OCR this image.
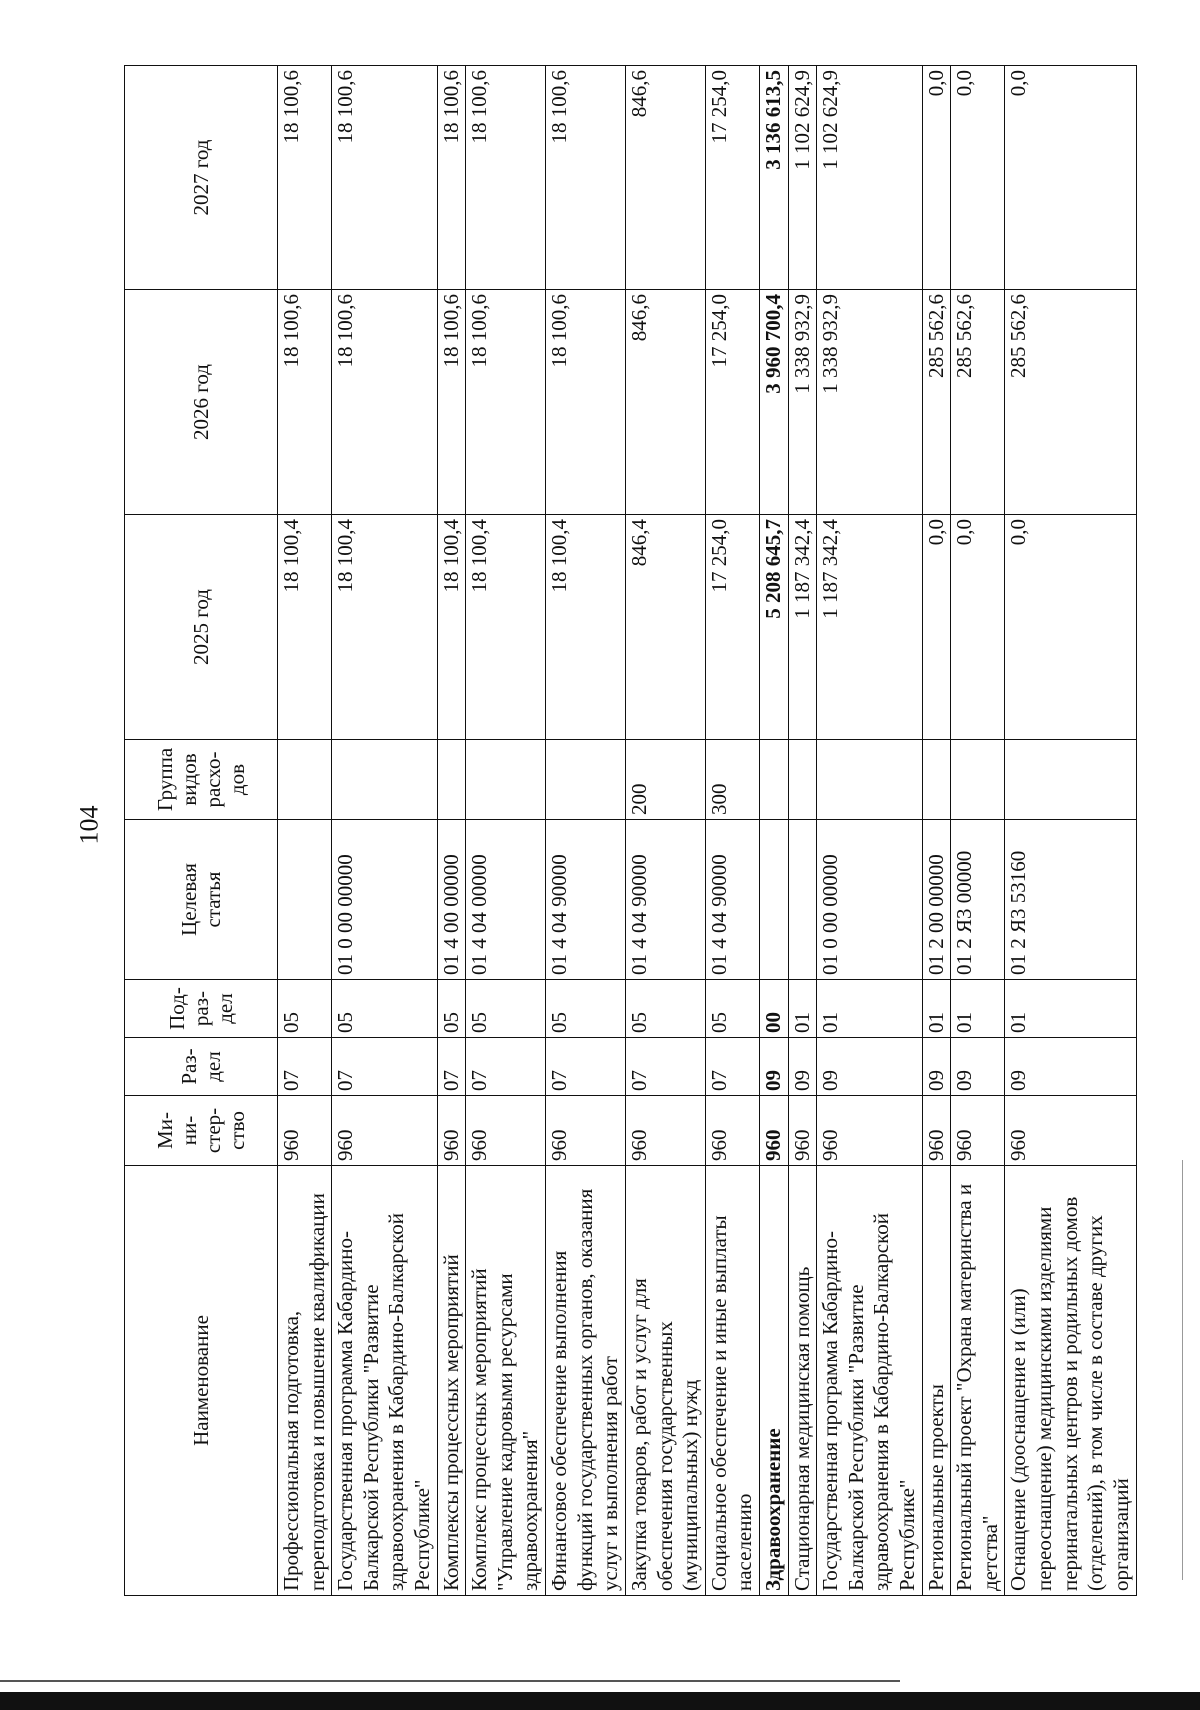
104
Наименование	Ми-
ни-
стер-
ство	Раз-
дел	Под-
раз-
дел	Целевая
статья	Группа
видов
расхо-
дов	2025 год	2026 год	2027 год
Профессиональная подготовка, переподготовка и повышение квалификации	960	07	05			18 100,4	18 100,6	18 100,6
Государственная программа Кабардино-Балкарской Республики "Развитие здравоохранения в Кабардино-Балкарской Республике"	960	07	05	01 0 00 00000		18 100,4	18 100,6	18 100,6
Комплексы процессных мероприятий	960	07	05	01 4 00 00000		18 100,4	18 100,6	18 100,6
Комплекс процессных мероприятий "Управление кадровыми ресурсами здравоохранения"	960	07	05	01 4 04 00000		18 100,4	18 100,6	18 100,6
Финансовое обеспечение выполнения функций государственных органов, оказания услуг и выполнения работ	960	07	05	01 4 04 90000		18 100,4	18 100,6	18 100,6
Закупка товаров, работ и услуг для обеспечения государственных (муниципальных) нужд	960	07	05	01 4 04 90000	200	846,4	846,6	846,6
Социальное обеспечение и иные выплаты населению	960	07	05	01 4 04 90000	300	17 254,0	17 254,0	17 254,0
Здравоохранение	960	09	00			5 208 645,7	3 960 700,4	3 136 613,5
Стационарная медицинская помощь	960	09	01			1 187 342,4	1 338 932,9	1 102 624,9
Государственная программа Кабардино-Балкарской Республики "Развитие здравоохранения в Кабардино-Балкарской Республике"	960	09	01	01 0 00 00000		1 187 342,4	1 338 932,9	1 102 624,9
Региональные проекты	960	09	01	01 2 00 00000		0,0	285 562,6	0,0
Региональный проект "Охрана материнства и детства"	960	09	01	01 2 Я3 00000		0,0	285 562,6	0,0
Оснащение (дооснащение и (или) переоснащение) медицинскими изделиями перинатальных центров и родильных домов (отделений), в том числе в составе других организаций	960	09	01	01 2 Я3 53160		0,0	285 562,6	0,0
